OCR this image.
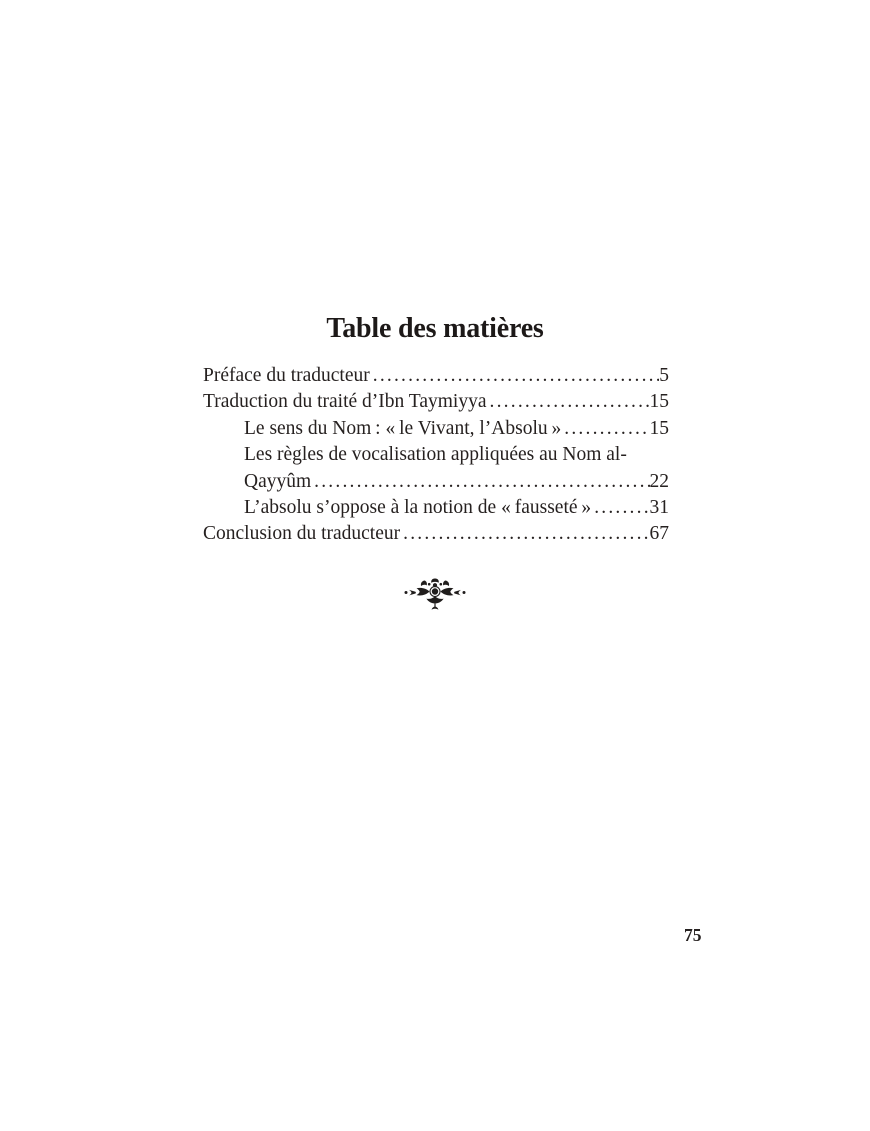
Table des matières
Préface du traducteur .....	5
Traduction du traité d’Ibn Taymiyya .....	15
Le sens du Nom : « le Vivant, l’Absolu » .....	15
Les règles de vocalisation appliquées au Nom al-
Qayyûm .....	22
L’absolu s’oppose à la notion de « fausseté » .....	31
Conclusion du traducteur .....	67
75
